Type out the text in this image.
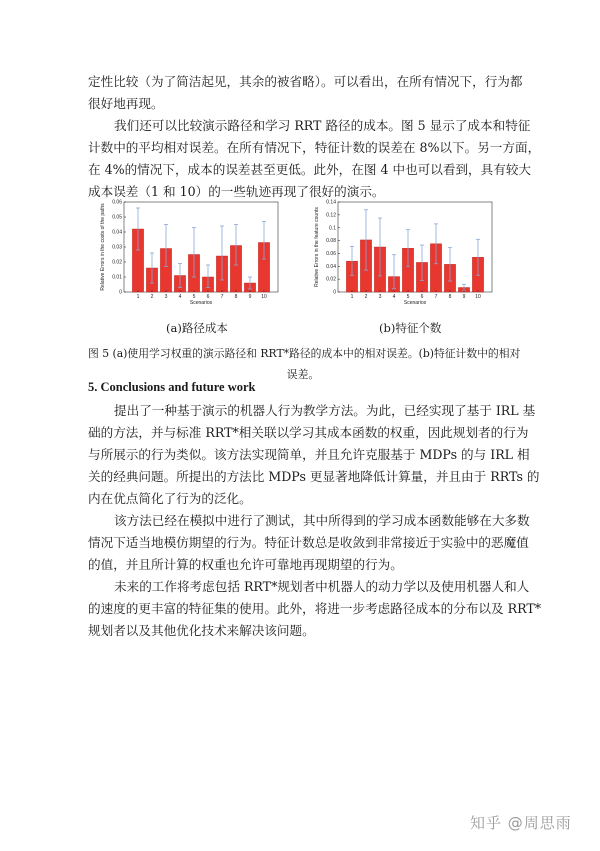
定性比较（为了简洁起见，其余的被省略）。可以看出，在所有情况下，行为都
很好地再现。

我们还可以比较演示路径和学习 RRT 路径的成本。图 5 显示了成本和特征
计数中的平均相对误差。在所有情况下，特征计数的误差在 8%以下。另一方面，
在 4%的情况下，成本的误差甚至更低。此外，在图 4 中也可以看到，具有较大
成本误差（1 和 10）的一些轨迹再现了很好的演示。

0
0.01
0.02
0.03
0.04
0.05
0.06
1 2 3 4 5 6 7 8 9 10
Scenarios
Relative Errors in the costs of the paths
0
0.02
0.04
0.06
0.08
0.1
0.12
0.14
1 2 3 4 5 6 7 8 9 10
Scenarios
Relative Errors in the feature counts
(a)路径成本	(b)特征个数
图 5 (a)使用学习权重的演示路径和 RRT*路径的成本中的相对误差。(b)特征计数中的相对
误差。
5. Conclusions and future work

提出了一种基于演示的机器人行为教学方法。为此，已经实现了基于 IRL 基
础的方法，并与标准 RRT*相关联以学习其成本函数的权重，因此规划者的行为
与所展示的行为类似。该方法实现简单，并且允许克服基于 MDPs 的与 IRL 相
关的经典问题。所提出的方法比 MDPs 更显著地降低计算量，并且由于 RRTs 的
内在优点简化了行为的泛化。

该方法已经在模拟中进行了测试，其中所得到的学习成本函数能够在大多数
情况下适当地模仿期望的行为。特征计数总是收敛到非常接近于实验中的恶魔值
的值，并且所计算的权重也允许可靠地再现期望的行为。

未来的工作将考虑包括 RRT*规划者中机器人的动力学以及使用机器人和人
的速度的更丰富的特征集的使用。此外，将进一步考虑路径成本的分布以及 RRT*
规划者以及其他优化技术来解决该问题。

知乎 @周思雨
